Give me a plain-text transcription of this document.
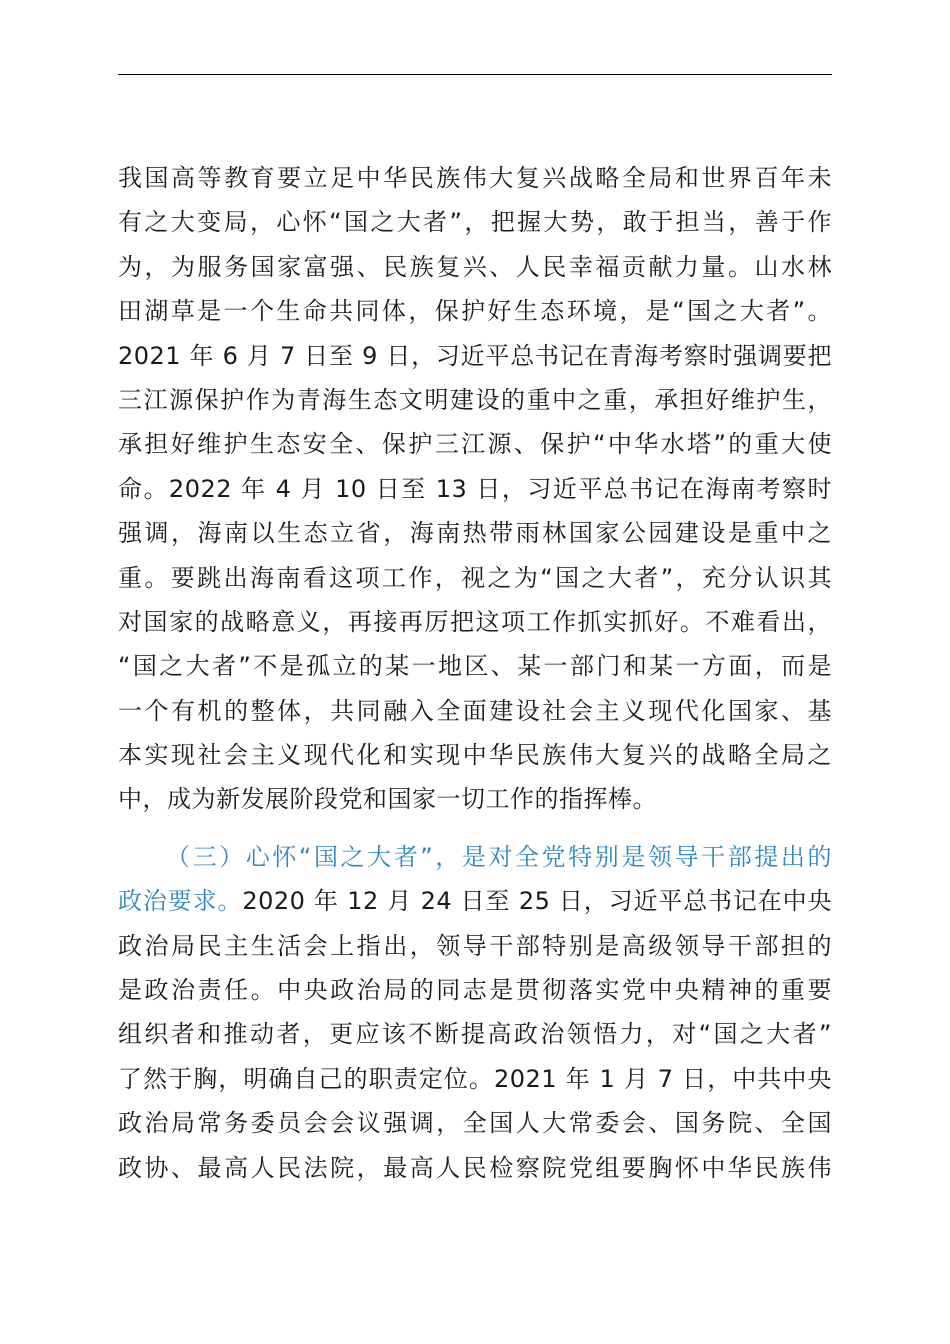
我国高等教育要立足中华民族伟大复兴战略全局和世界百年未
有之大变局，心怀“国之大者”，把握大势，敢于担当，善于作
为，为服务国家富强、民族复兴、人民幸福贡献力量。山水林
田湖草是一个生命共同体，保护好生态环境，是“国之大者”。
2021 年 6 月 7 日至 9 日，习近平总书记在青海考察时强调要把
三江源保护作为青海生态文明建设的重中之重，承担好维护生，
承担好维护生态安全、保护三江源、保护“中华水塔”的重大使
命。2022 年 4 月 10 日至 13 日，习近平总书记在海南考察时
强调，海南以生态立省，海南热带雨林国家公园建设是重中之
重。要跳出海南看这项工作，视之为“国之大者”，充分认识其
对国家的战略意义，再接再厉把这项工作抓实抓好。不难看出，
“国之大者”不是孤立的某一地区、某一部门和某一方面，而是
一个有机的整体，共同融入全面建设社会主义现代化国家、基
本实现社会主义现代化和实现中华民族伟大复兴的战略全局之
中，成为新发展阶段党和国家一切工作的指挥棒。
（三）心怀“国之大者”，是对全党特别是领导干部提出的
政治要求。2020 年 12 月 24 日至 25 日，习近平总书记在中央
政治局民主生活会上指出，领导干部特别是高级领导干部担的
是政治责任。中央政治局的同志是贯彻落实党中央精神的重要
组织者和推动者，更应该不断提高政治领悟力，对“国之大者”
了然于胸，明确自己的职责定位。2021 年 1 月 7 日，中共中央
政治局常务委员会会议强调，全国人大常委会、国务院、全国
政协、最高人民法院，最高人民检察院党组要胸怀中华民族伟
